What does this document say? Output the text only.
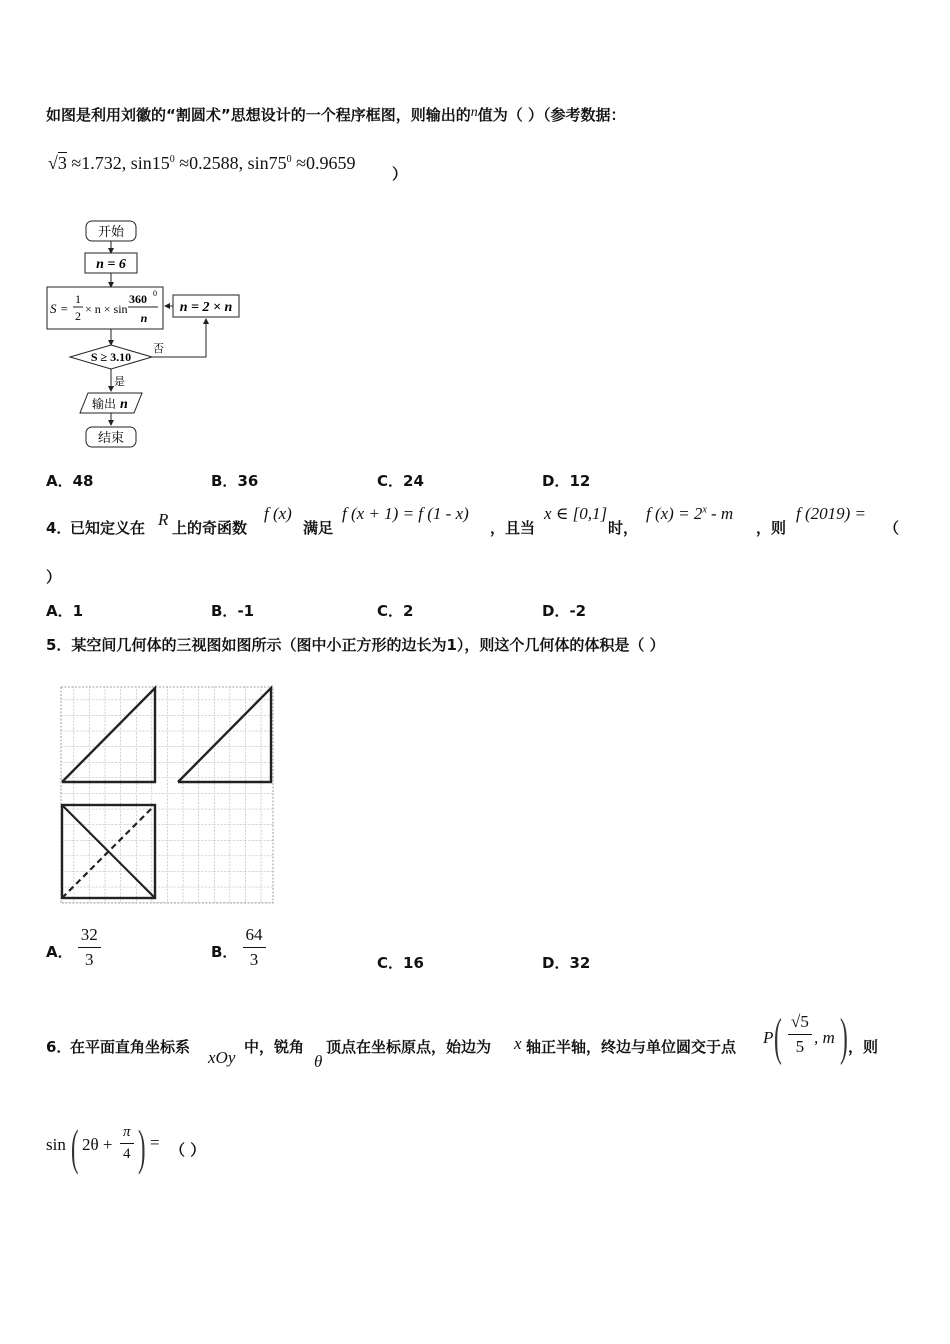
如图是利用刘徽的“割圆术”思想设计的一个程序框图，则输出的n值为（ ）（参考数据：
√3 ≈1.732, $\sin 15^0 \approx 0.2588$, $\sin 75^0 \approx 0.9659$
）
开始
n = 6
S =
1
2 × n × sin
360 0
n
n = 2 × n
S ≥ 3.10
否
是
输出 n
结束
A．48	B．36	C．24	D．12
4．
已知定义在 R 上的奇函数
f (x)
满足
f (x + 1) = f (1 - x)
，且当
x ∈ [0,1]
时，
f $(x) = 2^x - m$
，则
f (2019) =
（
）
A．1	B．-1	C．2	D．-2
5．某空间几何体的三视图如图所示（图中小正方形的边长为1），则这个几何体的体积是（ ）
A． $\frac{32}{3}$	B． $\frac{64}{3}$	C．16	D．32
6．
在平面直角坐标系
xOy
中，锐角
θ
顶点在坐标原点，始边为 x 轴正半轴，终边与单位圆交于点 P ( $\frac{√5}{5}$ , m ) ，则
sin ( $2\theta + \frac{\pi}{4}$ ) = （ ）
